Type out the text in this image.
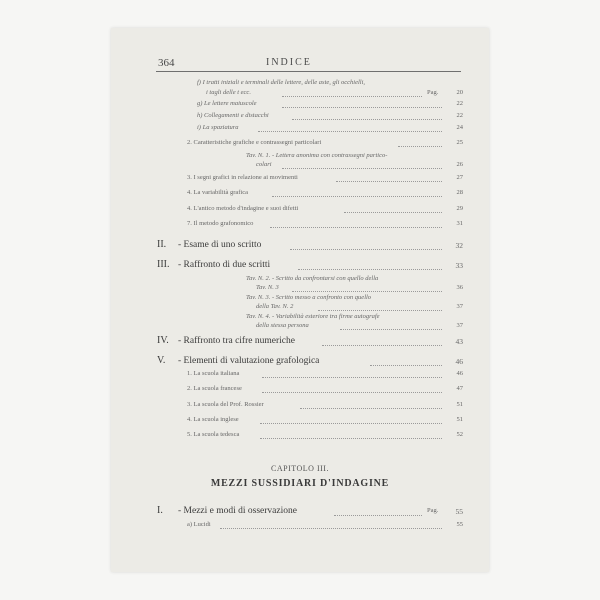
364	INDICE
f) I tratti iniziali e terminali delle lettere, delle aste, gli occhielli,
i tagli delle t ecc.	Pag.	20
g) Le lettere maiuscole	22
h) Collegamenti e distacchi	22
i) La spaziatura	24
2. Caratteristiche grafiche e contrassegni particolari	25
Tav. N. 1. - Lettera anonima con contrassegni partico-
colari	26
3. I segni grafici in relazione ai movimenti	27
4. La variabilità grafica	28
4. L'antico metodo d'indagine e suoi difetti	29
7. Il metodo grafonomico	31
II. - Esame di uno scritto	32
III. - Raffronto di due scritti	33
Tav. N. 2. - Scritto da confrontarsi con quello della
Tav. N. 3	36
Tav. N. 3. - Scritto messo a confronto con quello
della Tav. N. 2	37
Tav. N. 4. - Variabilità esteriore tra firme autografe
della stessa persona	37
IV. - Raffronto tra cifre numeriche	43
V. - Elementi di valutazione grafologica	46
1. La scuola italiana	46
2. La scuola francese	47
3. La scuola del Prof. Rossier	51
4. La scuola inglese	51
5. La scuola tedesca	52
CAPITOLO III.
MEZZI SUSSIDIARI D'INDAGINE
I. - Mezzi e modi di osservazione	Pag.	55
a) Lucidi	55
